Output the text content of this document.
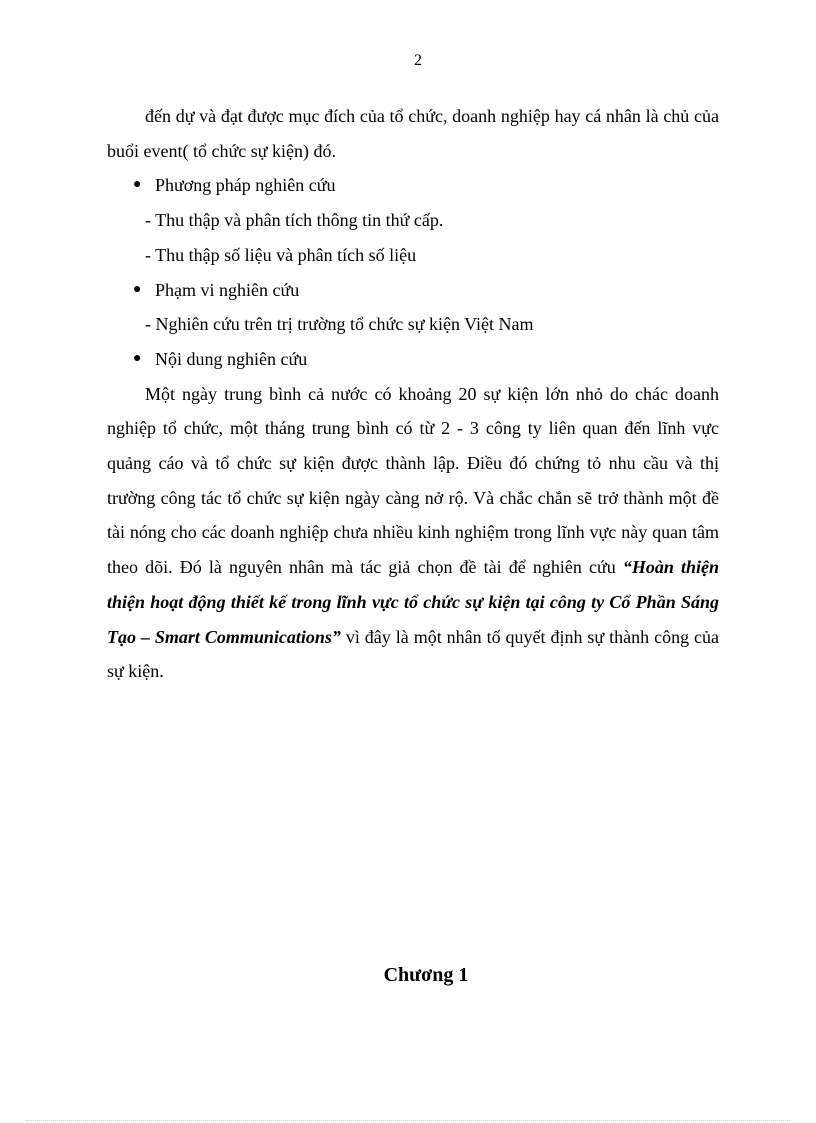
2

đến dự và đạt được mục đích của tổ chức, doanh nghiệp hay cá nhân là chủ của buổi event( tổ chức sự kiện) đó.

● Phương pháp nghiên cứu

- Thu thập và phân tích thông tin thứ cấp.

- Thu thập số liệu và phân tích số liệu

● Phạm vi nghiên cứu

- Nghiên cứu trên trị trường tổ chức sự kiện Việt Nam

● Nội dung nghiên cứu

Một ngày trung bình cả nước có khoảng 20 sự kiện lớn nhỏ do chác doanh nghiệp tổ chức, một tháng trung bình có từ 2 - 3 công ty liên quan đến lĩnh vực quảng cáo và tổ chức sự kiện được thành lập. Điều đó chứng tỏ nhu cầu và thị trường công tác tổ chức sự kiện ngày càng nở rộ. Và chắc chắn sẽ trở thành một đề tài nóng cho các doanh nghiệp chưa nhiều kinh nghiệm trong lĩnh vực này quan tâm theo dõi. Đó là nguyên nhân mà tác giả chọn đề tài để nghiên cứu “Hoàn thiện thiện hoạt động thiết kế trong lĩnh vực tổ chức sự kiện tại công ty Cổ Phần Sáng Tạo – Smart Communications” vì đây là một nhân tố quyết định sự thành công của sự kiện.

Chương 1
